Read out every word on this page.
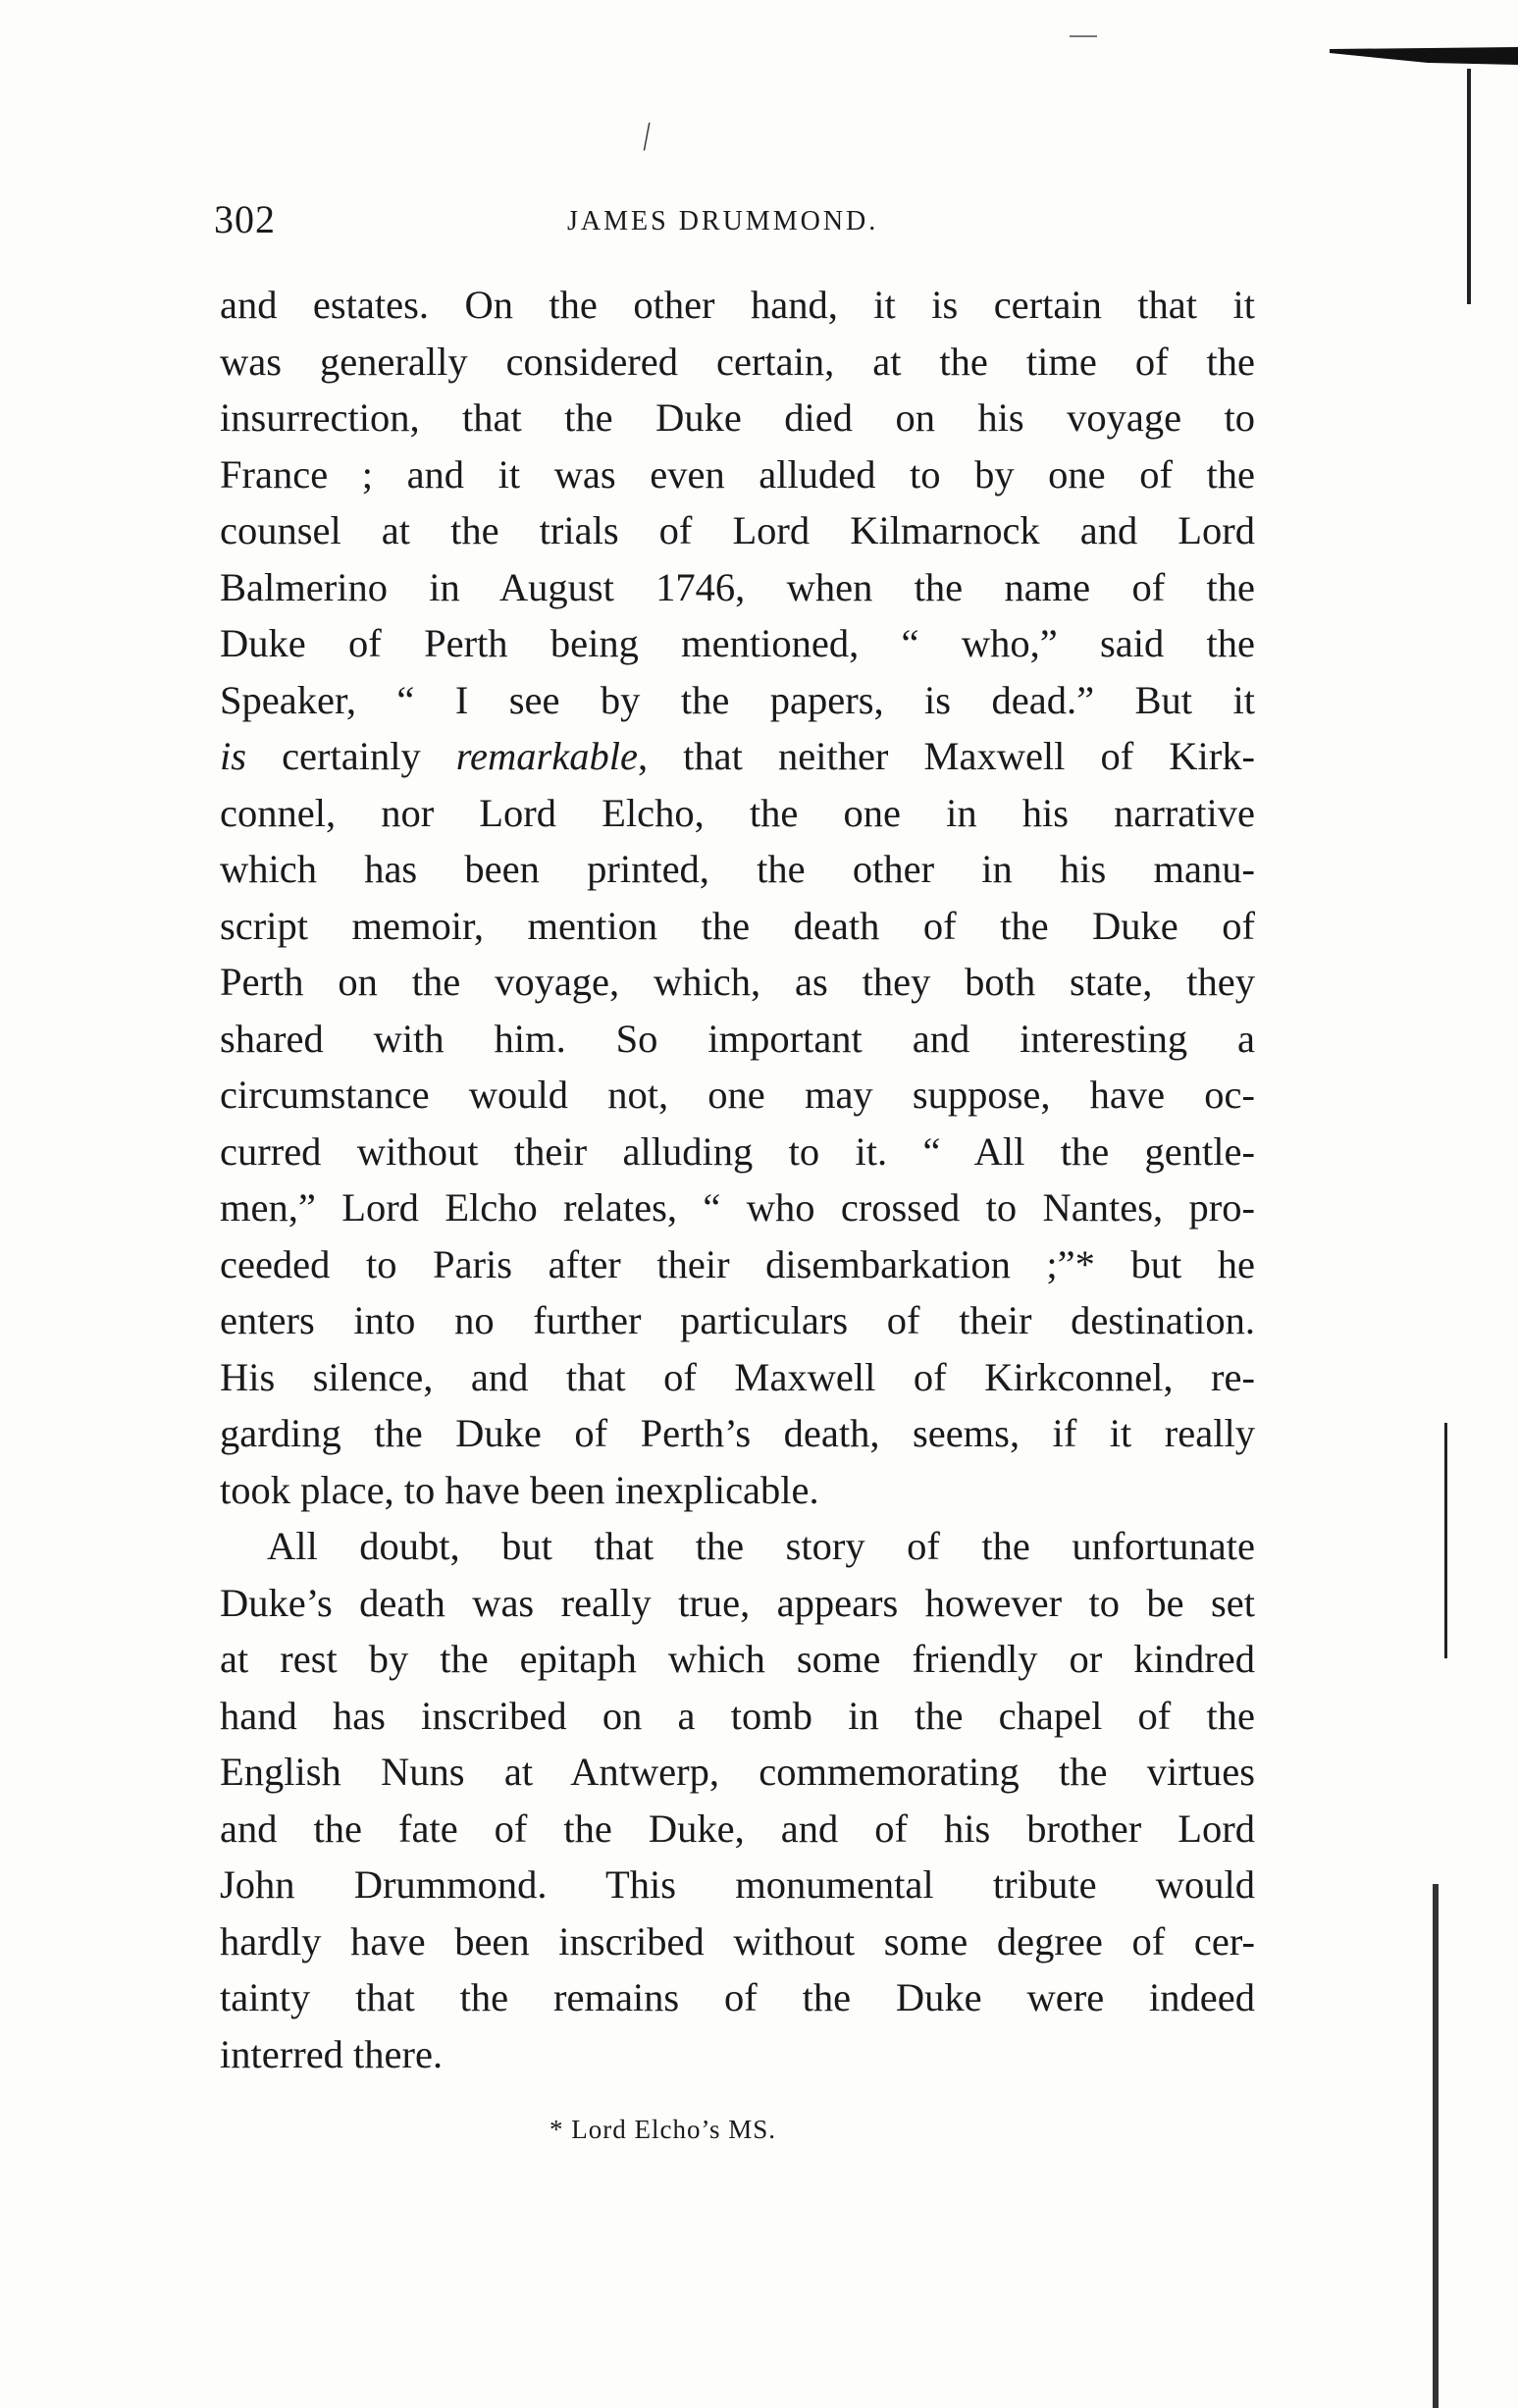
⁄
302	JAMES DRUMMOND.
and estates. On the other hand, it is certain that it
was generally considered certain, at the time of the
insurrection, that the Duke died on his voyage to
France ; and it was even alluded to by one of the
counsel at the trials of Lord Kilmarnock and Lord
Balmerino in August 1746, when the name of the
Duke of Perth being mentioned, “ who,” said the
Speaker, “ I see by the papers, is dead.” But it
is certainly remarkable, that neither Maxwell of Kirk-
connel, nor Lord Elcho, the one in his narrative
which has been printed, the other in his manu-
script memoir, mention the death of the Duke of
Perth on the voyage, which, as they both state, they
shared with him. So important and interesting a
circumstance would not, one may suppose, have oc-
curred without their alluding to it. “ All the gentle-
men,” Lord Elcho relates, “ who crossed to Nantes, pro-
ceeded to Paris after their disembarkation ;”* but he
enters into no further particulars of their destination.
His silence, and that of Maxwell of Kirkconnel, re-
garding the Duke of Perth’s death, seems, if it really
took place, to have been inexplicable.
All doubt, but that the story of the unfortunate
Duke’s death was really true, appears however to be set
at rest by the epitaph which some friendly or kindred
hand has inscribed on a tomb in the chapel of the
English Nuns at Antwerp, commemorating the virtues
and the fate of the Duke, and of his brother Lord
John Drummond. This monumental tribute would
hardly have been inscribed without some degree of cer-
tainty that the remains of the Duke were indeed
interred there.
* Lord Elcho’s MS.
